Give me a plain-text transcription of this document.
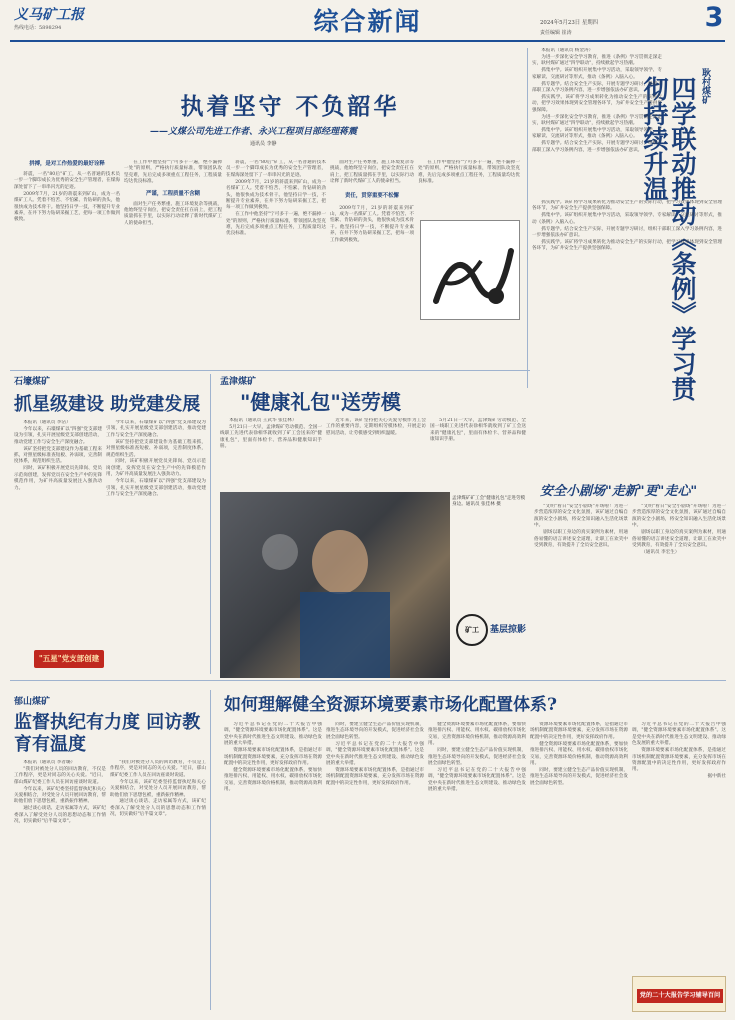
义马矿工报
热线电话：5898294	综合新闻	2024年5月23日 星期四
责任编辑 崔涛	3
执着坚守 不负韶华
——义煤公司先进工作者、永兴工程项目部经理蒋震
通讯员 李静
拼搏，是对工作热爱的最好诠释

蒋震，一名"80后"矿工，从一名普通的技术员一步一个脚印成长为优秀的安全生产管理者，在煤海深处留下了一串串闪光的足迹。

2009年7月，21岁的蒋震来到矿山，成为一名煤矿工人。凭着不怕苦、不怕累、肯钻研的劲头，他很快成为技术骨干。他坚持日学一技，不断提升专业素养，在井下努力钻研采掘工艺，把每一项工作做到极致。

在工作中他坚持"宁可多干一遍，绝不漏掉一处"的原则，严格执行质量标准，带领团队攻坚克难，先后完成多项重点工程任务，工程质量均达优良标准。

严谨，工程质量不含糊

面对生产任务繁重、施工环境复杂等挑战，他始终坚守岗位，把安全责任扛在肩上，把工程质量抓在手里，以实际行动诠释了新时代煤矿工人的使命担当。

蒋震，一名"80后"矿工，从一名普通的技术员一步一个脚印成长为优秀的安全生产管理者，在煤海深处留下了一串串闪光的足迹。

2009年7月，21岁的蒋震来到矿山，成为一名煤矿工人。凭着不怕苦、不怕累、肯钻研的劲头，他很快成为技术骨干。他坚持日学一技，不断提升专业素养，在井下努力钻研采掘工艺，把每一项工作做到极致。

在工作中他坚持"宁可多干一遍，绝不漏掉一处"的原则，严格执行质量标准，带领团队攻坚克难，先后完成多项重点工程任务，工程质量均达优良标准。

面对生产任务繁重、施工环境复杂等挑战，他始终坚守岗位，把安全责任扛在肩上，把工程质量抓在手里，以实际行动诠释了新时代煤矿工人的使命担当。

责任，贯穿重要不松懈

2009年7月，21岁的蒋震来到矿山，成为一名煤矿工人。凭着不怕苦、不怕累、肯钻研的劲头，他很快成为技术骨干。他坚持日学一技，不断提升专业素养，在井下努力钻研采掘工艺，把每一项工作做到极致。

在工作中他坚持"宁可多干一遍，绝不漏掉一处"的原则，严格执行质量标准，带领团队攻坚克难，先后完成多项重点工程任务，工程质量均达优良标准。

耿村煤矿
四学联动推动《条例》学习贯彻持续升温

本报讯（通讯员 杨金涛）

为进一步深化安全学习教育，推进《条例》学习贯彻走深走实，耿村煤矿通过"四学联动"，持续掀起学习热潮。

抓集中学。该矿组织开展集中学习活动，采取领导领学、专家解读、交流研讨等形式，推动《条例》入脑入心。

抓专题学。结合安全生产实际，开展专题学习研讨，组织干部职工深入学习条例内容，进一步增强依法办矿意识。

抓实践学。该矿将学习成果转化为推动安全生产的实际行动，把学习效果体现到安全管理各环节，为矿井安全生产提供坚强保障。

为进一步深化安全学习教育，推进《条例》学习贯彻走深走实，耿村煤矿通过"四学联动"，持续掀起学习热潮。

抓集中学。该矿组织开展集中学习活动，采取领导领学、专家解读、交流研讨等形式，推动《条例》入脑入心。

抓专题学。结合安全生产实际，开展专题学习研讨，组织干部职工深入学习条例内容，进一步增强依法办矿意识。

抓实践学。该矿将学习成果转化为推动安全生产的实际行动，把学习效果体现到安全管理各环节，为矿井安全生产提供坚强保障。

抓集中学。该矿组织开展集中学习活动，采取领导领学、专家解读、交流研讨等形式，推动《条例》入脑入心。

抓专题学。结合安全生产实际，开展专题学习研讨，组织干部职工深入学习条例内容，进一步增强依法办矿意识。

抓实践学。该矿将学习成果转化为推动安全生产的实际行动，把学习效果体现到安全管理各环节，为矿井安全生产提供坚强保障。

石壕煤矿
抓星级建设 助党建发展

本报讯（通讯员 李洁）

今年以来，石壕煤矿以"四强"党支部建设为引领，扎实开展星级党支部创建活动，推动党建工作与安全生产深度融合。

该矿坚持把党支部建设作为基础工程来抓，对照星级标准查短板、补弱项，完善制度体系，规范组织生活。

同时，该矿积极开展党员先锋岗、党员示范岗创建，发挥党员在安全生产中的先锋模范作用，为矿井高质量发展注入强劲动力。

今年以来，石壕煤矿以"四强"党支部建设为引领，扎实开展星级党支部创建活动，推动党建工作与安全生产深度融合。

该矿坚持把党支部建设作为基础工程来抓，对照星级标准查短板、补弱项，完善制度体系，规范组织生活。

同时，该矿积极开展党员先锋岗、党员示范岗创建，发挥党员在安全生产中的先锋模范作用，为矿井高质量发展注入强劲动力。

今年以来，石壕煤矿以"四强"党支部建设为引领，扎实开展星级党支部创建活动，推动党建工作与安全生产深度融合。

"五星"党支部创建
孟津煤矿
"健康礼包"送劳模

本报讯（通讯员 王武华 张佳林）

5月21日一大早，孟津煤矿劳动模范、全国一线职工先进代表徐相华就收到了矿工会送来的"健康礼包"，里面有体检卡、营养品和健康知识手册。

近年来，该矿坚持把关心关爱劳模作为工会工作的重要内容，定期组织劳模体检，开展走访慰问活动，让劳模感受到组织温暖。

5月21日一大早，孟津煤矿劳动模范、全国一线职工先进代表徐相华就收到了矿工会送来的"健康礼包"，里面有体检卡、营养品和健康知识手册。

孟津煤矿矿工会"健康礼包"走进劳模身边。通讯员 张佳林 摄
矿工	基层掠影
安全小剧场"走新"更"走心"

"文明"看日"安全小剧场"开场啦！为进一步营造浓厚的安全文化氛围，该矿通过自编自演的安全小剧场，将安全知识融入生活化场景中。

剧场以职工身边的真实案例为素材，用通俗易懂的语言讲述安全道理，让职工在欢笑中受到教育，有效提升了全员安全意识。

"文明"看日"安全小剧场"开场啦！为进一步营造浓厚的安全文化氛围，该矿通过自编自演的安全小剧场，将安全知识融入生活化场景中。

剧场以职工身边的真实案例为素材，用通俗易懂的语言讲述安全道理，让职工在欢笑中受到教育，有效提升了全员安全意识。

（通讯员 李宏生）

郁山煤矿
监督执纪有力度 回访教育有温度

本报讯（通讯员 李者璐）

"我们对被处分人员的回访教育，不仅是工作程序，更是对同志的关心关爱。"近日，郁山煤矿纪委工作人员在回访座谈时说道。

今年以来，该矿纪委坚持监督执纪和关心关爱相结合，对受处分人员开展回访教育，帮助他们放下思想包袱，重新振作精神。

通过谈心谈话、走访家属等方式，该矿纪委深入了解受处分人员的思想动态和工作情况，切实做好"后半篇文章"。

"我们对被处分人员的回访教育，不仅是工作程序，更是对同志的关心关爱。"近日，郁山煤矿纪委工作人员在回访座谈时说道。

今年以来，该矿纪委坚持监督执纪和关心关爱相结合，对受处分人员开展回访教育，帮助他们放下思想包袱，重新振作精神。

通过谈心谈话、走访家属等方式，该矿纪委深入了解受处分人员的思想动态和工作情况，切实做好"后半篇文章"。

如何理解健全资源环境要素市场化配置体系?

习近平总书记在党的二十大报告中强调，"健全资源环境要素市场化配置体系"。这是党中央在新时代推进生态文明建设、推动绿色发展的重大举措。

资源环境要素市场化配置体系，是指通过市场机制配置资源环境要素，充分发挥市场在资源配置中的决定性作用，更好发挥政府作用。

健全资源环境要素市场化配置体系，要加快推进排污权、用能权、用水权、碳排放权市场化交易，完善资源环境价格机制，推动资源高效利用。

同时，要建立健全生态产品价值实现机制，推进生态环境导向的开发模式，促进经济社会发展全面绿色转型。

习近平总书记在党的二十大报告中强调，"健全资源环境要素市场化配置体系"。这是党中央在新时代推进生态文明建设、推动绿色发展的重大举措。

资源环境要素市场化配置体系，是指通过市场机制配置资源环境要素，充分发挥市场在资源配置中的决定性作用，更好发挥政府作用。

健全资源环境要素市场化配置体系，要加快推进排污权、用能权、用水权、碳排放权市场化交易，完善资源环境价格机制，推动资源高效利用。

同时，要建立健全生态产品价值实现机制，推进生态环境导向的开发模式，促进经济社会发展全面绿色转型。

习近平总书记在党的二十大报告中强调，"健全资源环境要素市场化配置体系"。这是党中央在新时代推进生态文明建设、推动绿色发展的重大举措。

资源环境要素市场化配置体系，是指通过市场机制配置资源环境要素，充分发挥市场在资源配置中的决定性作用，更好发挥政府作用。

健全资源环境要素市场化配置体系，要加快推进排污权、用能权、用水权、碳排放权市场化交易，完善资源环境价格机制，推动资源高效利用。

同时，要建立健全生态产品价值实现机制，推进生态环境导向的开发模式，促进经济社会发展全面绿色转型。

习近平总书记在党的二十大报告中强调，"健全资源环境要素市场化配置体系"。这是党中央在新时代推进生态文明建设、推动绿色发展的重大举措。

资源环境要素市场化配置体系，是指通过市场机制配置资源环境要素，充分发挥市场在资源配置中的决定性作用，更好发挥政府作用。

据中新社

党的二十大报告学习辅导百问
